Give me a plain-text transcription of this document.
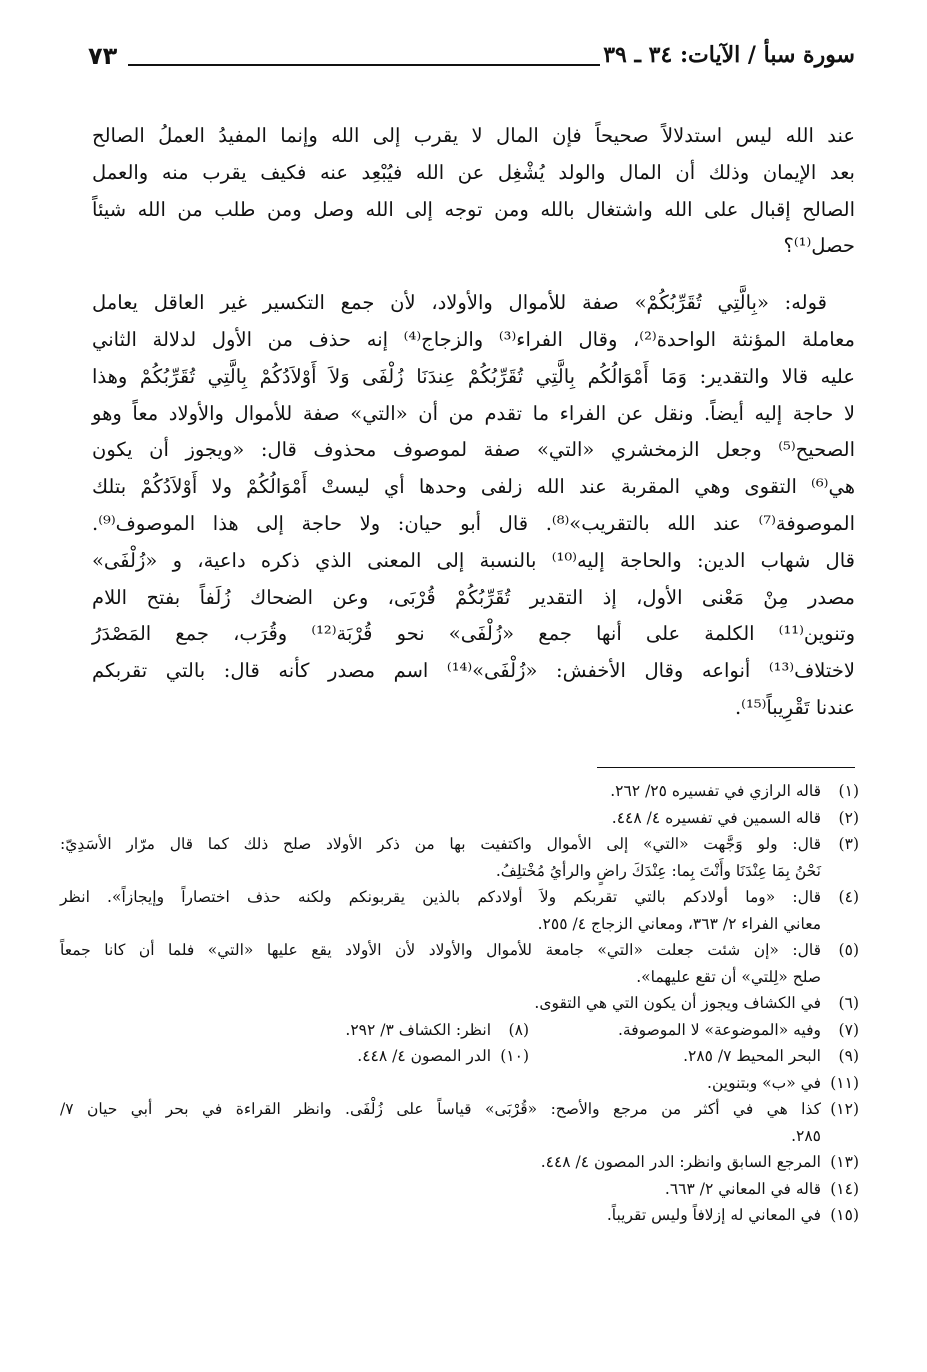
سورة سبأ / الآيات: ٣٤ ـ ٣٩
٧٣

عند الله ليس استدلالاً صحيحاً فإن المال لا يقرب إلى الله وإنما المفيدُ العملُ الصالح

بعد الإيمان وذلك أن المال والولد يُشْغِل عن الله فيُبْعِد عنه فكيف يقرب منه والعمل

الصالح إقبال على الله واشتغال بالله ومن توجه إلى الله وصل ومن طلب من الله شيئاً

حصل⁽¹⁾؟

قوله: «بِالَّتِي تُقَرِّبُكُمْ» صفة للأموال والأولاد، لأن جمع التكسير غير العاقل يعامل

معاملة المؤنثة الواحدة⁽²⁾، وقال الفراء⁽³⁾ والزجاج⁽⁴⁾ إنه حذف من الأول لدلالة الثاني

عليه قالا والتقدير: وَمَا أَمْوَالُكُم بِالَّتِي تُقَرِّبُكُمْ عِندَنَا زُلْفَى وَلاَ أَوْلاَدُكُمْ بِالَّتِي تُقَرِّبُكُمْ وهذا

لا حاجة إليه أيضاً. ونقل عن الفراء ما تقدم من أن «التي» صفة للأموال والأولاد معاً وهو

الصحيح⁽⁵⁾ وجعل الزمخشري «التي» صفة لموصوف محذوف قال: «ويجوز أن يكون

هي⁽⁶⁾ التقوى وهي المقربة عند الله زلفى وحدها أي ليستْ أَمْوَالُكُمْ ولا أَوْلاَدُكُمْ بتلك

الموصوفة⁽⁷⁾ عند الله بالتقريب»⁽⁸⁾. قال أبو حيان: ولا حاجة إلى هذا الموصوف⁽⁹⁾.

قال شهاب الدين: والحاجة إليه⁽¹⁰⁾ بالنسبة إلى المعنى الذي ذكره داعية، و «زُلْفَى»

مصدر مِنْ مَعْنى الأول، إذ التقدير تُقَرِّبُكُمْ قُرْبَى، وعن الضحاك زُلَفاً بفتح اللام

وتنوين⁽¹¹⁾ الكلمة على أنها جمع «زُلْفَى» نحو قُرْبَة⁽¹²⁾ وقُرَب، جمع المَصْدَرُ

لاختلاف⁽¹³⁾ أنواعه وقال الأخفش: «زُلْفَى»⁽¹⁴⁾ اسم مصدر كأنه قال: بالتي تقربكم

عندنا تَقْرِيباً⁽¹⁵⁾.

(١)
قاله الرازي في تفسيره ٢٥/ ٢٦٢.
(٢)
قاله السمين في تفسيره ٤/ ٤٤٨.
(٣)
قال: ولو وَجَّهت «التي» إلى الأموال واكتفيت بها من ذكر الأولاد صلح ذلك كما قال مرّار الأسَدِيّ:
نَحْنُ بِمَا عِنْدَنَا وأَنْتَ بِما: عِنْدَكَ راضٍ والرأيُ مُخْتلِفُ.
(٤)
قال: «وما أولادكم بالتي تقربكم ولاَ أولادكم بالذين يقربونكم ولكنه حذف اختصاراً وإيجازاً». انظر
معاني الفراء ٢/ ٣٦٣، ومعاني الزجاج ٤/ ٢٥٥.
(٥)
قال: «إن شئت جعلت «التي» جامعة للأموال والأولاد لأن الأولاد يقع عليها «التي» فلما أن كانا جمعاً
صلح «لِلتي» أن تقع عليهما».
(٦)
في الكشاف ويجوز أن يكون التي هي التقوى.
(٧)
وفيه «الموضوعة» لا الموصوفة.
(٨)
انظر: الكشاف ٣/ ٢٩٢.
(٩)
البحر المحيط ٧/ ٢٨٥.
(١٠)
الدر المصون ٤/ ٤٤٨.
(١١)
في «ب» وبتنوين.
(١٢)
كذا هي في أكثر من مرجع والأصح: «قُرْبَى» قياساً على زُلْفَى. وانظر القراءة في بحر أبي حيان ٧/
٢٨٥.
(١٣)
المرجع السابق وانظر: الدر المصون ٤/ ٤٤٨.
(١٤)
قاله في المعاني ٢/ ٦٦٣.
(١٥)
في المعاني له إزلافاً وليس تقريباً.
